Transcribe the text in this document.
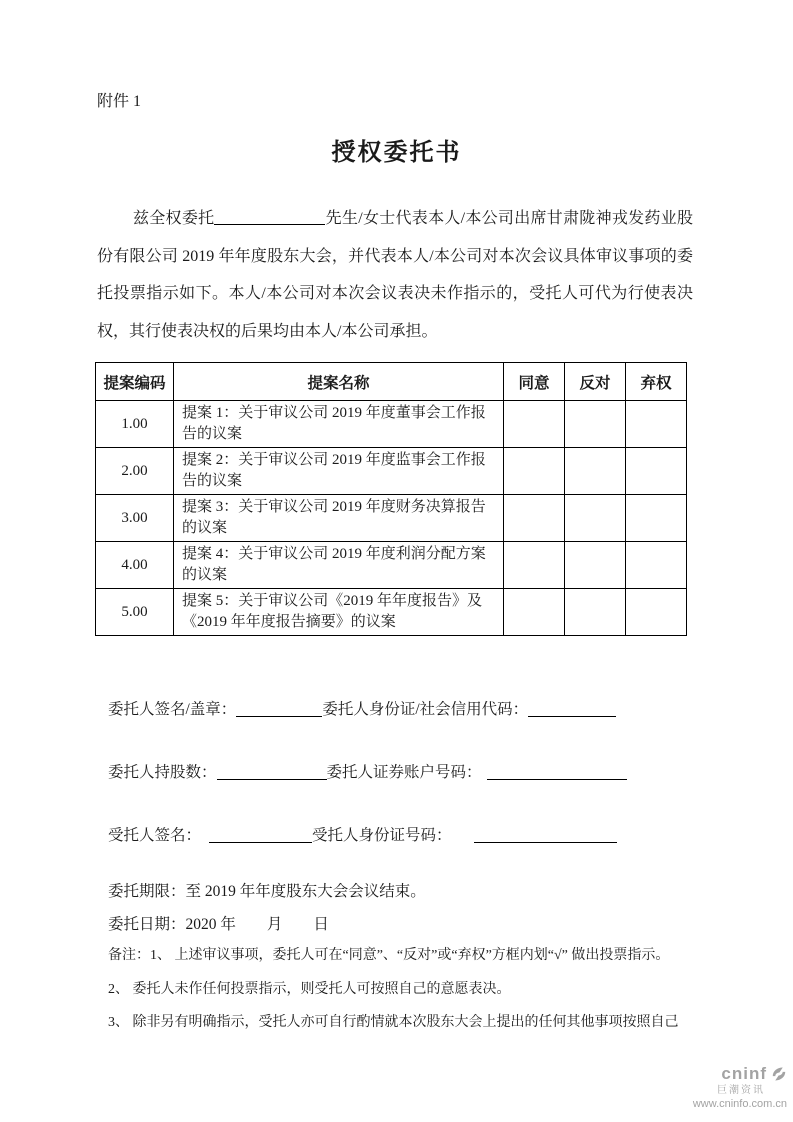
附件 1
授权委托书

兹全权委托	先生/女士代表本人/本公司出席甘肃陇神戎发药业股份有限公司 2019 年年度股东大会，并代表本人/本公司对本次会议具体审议事项的委托投票指示如下。本人/本公司对本次会议表决未作指示的，受托人可代为行使表决权，其行使表决权的后果均由本人/本公司承担。

提案编码	提案名称	同意	反对	弃权
1.00	提案 1：关于审议公司 2019 年度董事会工作报告的议案			
2.00	提案 2：关于审议公司 2019 年度监事会工作报告的议案			
3.00	提案 3：关于审议公司 2019 年度财务决算报告的议案			
4.00	提案 4：关于审议公司 2019 年度利润分配方案的议案			
5.00	提案 5：关于审议公司《2019 年年度报告》及《2019 年年度报告摘要》的议案			
委托人签名/盖章：	委托人身份证/社会信用代码：
委托人持股数：	委托人证券账户号码：
受托人签名：	受托人身份证号码：
委托期限：至 2019 年年度股东大会会议结束。
委托日期：2020 年　　月　　日
备注：1、 上述审议事项，委托人可在“同意”、“反对”或“弃权”方框内划“√” 做出投票指示。
2、 委托人未作任何投票指示，则受托人可按照自己的意愿表决。
3、 除非另有明确指示，受托人亦可自行酌情就本次股东大会上提出的任何其他事项按照自己
cninf
巨潮资讯
www.cninfo.com.cn
